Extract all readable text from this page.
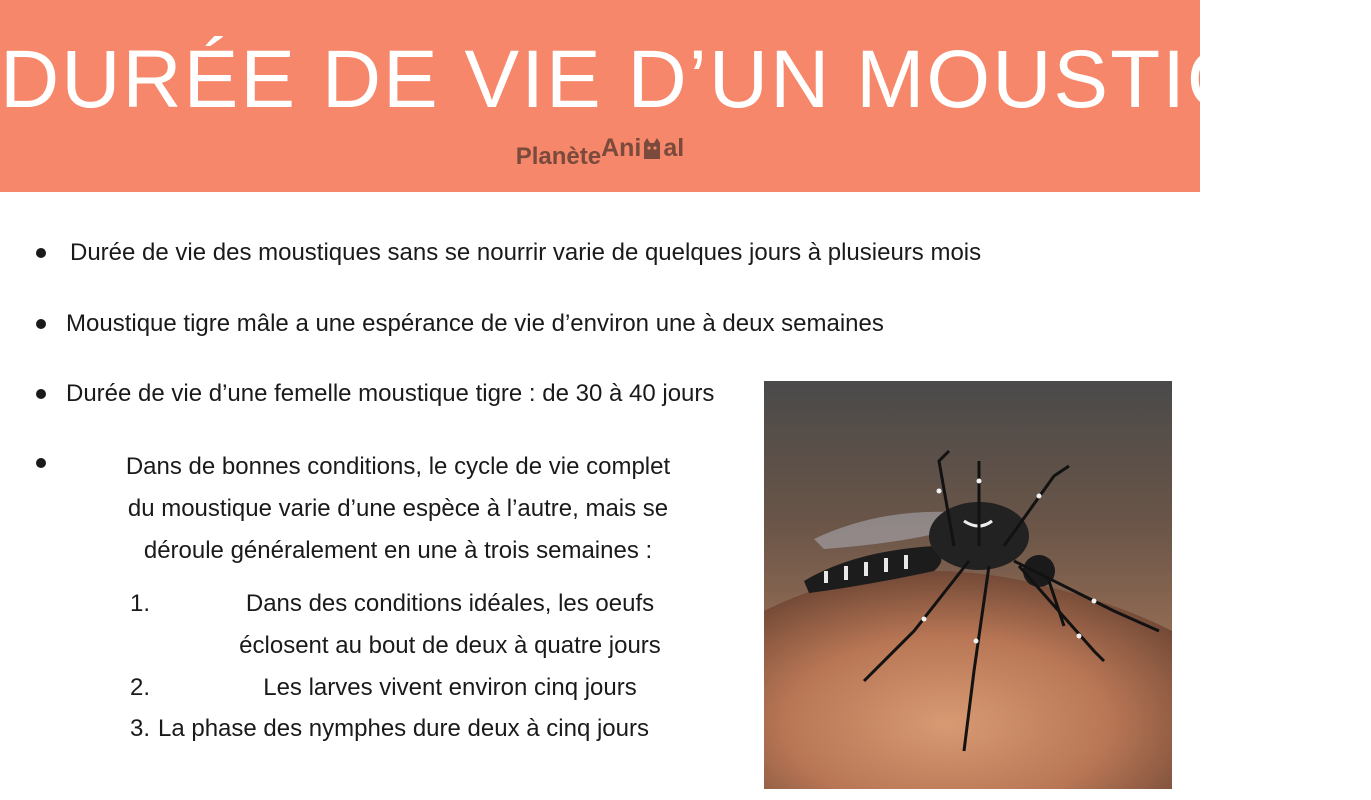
DURÉE DE VIE D’UN MOUSTIQUE
PlanèteAni al
Durée de vie des moustiques sans se nourrir varie de quelques jours à plusieurs mois
Moustique tigre mâle a une espérance de vie d’environ une à deux semaines
Durée de vie d’une femelle moustique tigre : de 30 à 40 jours
Dans de bonnes conditions, le cycle de vie complet
du moustique varie d’une espèce à l’autre, mais se
déroule généralement en une à trois semaines :
1.	Dans des conditions idéales, les oeufs
éclosent au bout de deux à quatre jours
2.	Les larves vivent environ cinq jours
3. La phase des nymphes dure deux à cinq jours
